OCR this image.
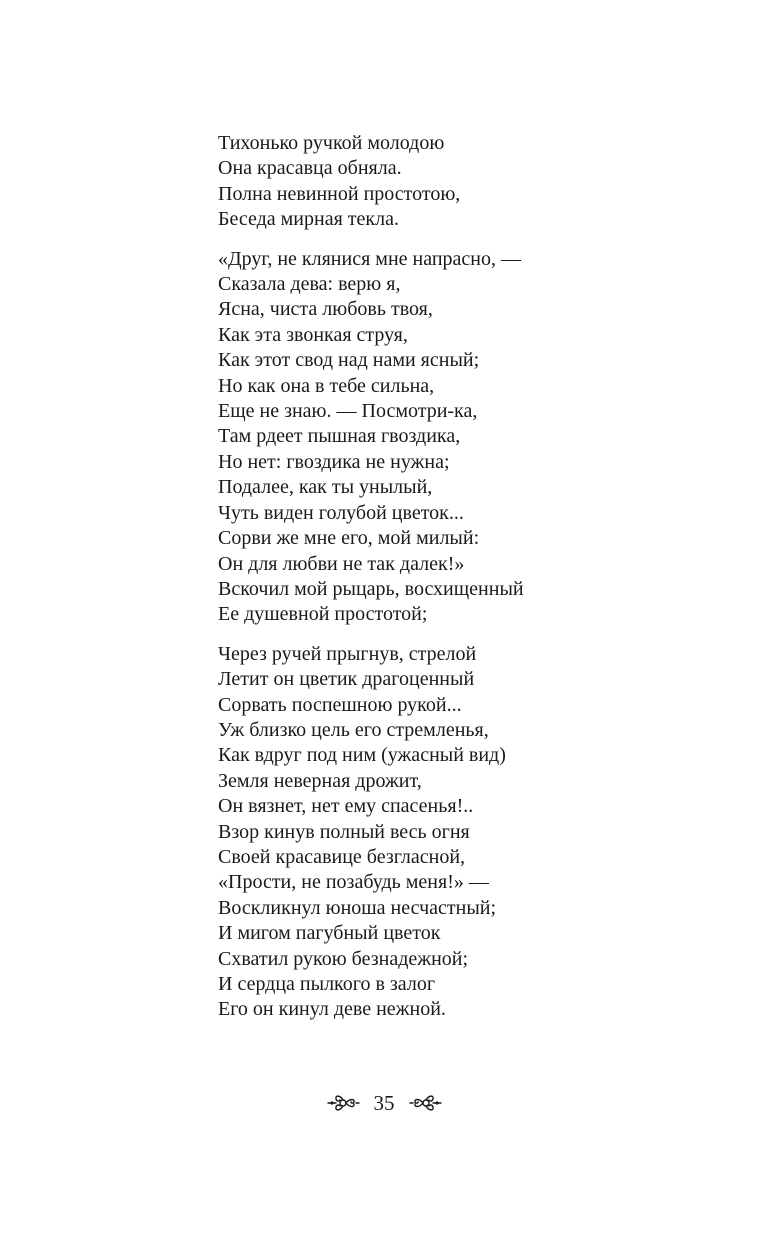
Тихонько ручкой молодою
Она красавца обняла.
Полна невинной простотою,
Беседа мирная текла.
«Друг, не клянися мне напрасно, —
Сказала дева: верю я,
Ясна, чиста любовь твоя,
Как эта звонкая струя,
Как этот свод над нами ясный;
Но как она в тебе сильна,
Еще не знаю. — Посмотри-ка,
Там рдеет пышная гвоздика,
Но нет: гвоздика не нужна;
Подалее, как ты унылый,
Чуть виден голубой цветок...
Сорви же мне его, мой милый:
Он для любви не так далек!»
Вскочил мой рыцарь, восхищенный
Ее душевной простотой;
Через ручей прыгнув, стрелой
Летит он цветик драгоценный
Сорвать поспешною рукой...
Уж близко цель его стремленья,
Как вдруг под ним (ужасный вид)
Земля неверная дрожит,
Он вязнет, нет ему спасенья!..
Взор кинув полный весь огня
Своей красавице безгласной,
«Прости, не позабудь меня!» —
Воскликнул юноша несчастный;
И мигом пагубный цветок
Схватил рукою безнадежной;
И сердца пылкого в залог
Его он кинул деве нежной.
35
